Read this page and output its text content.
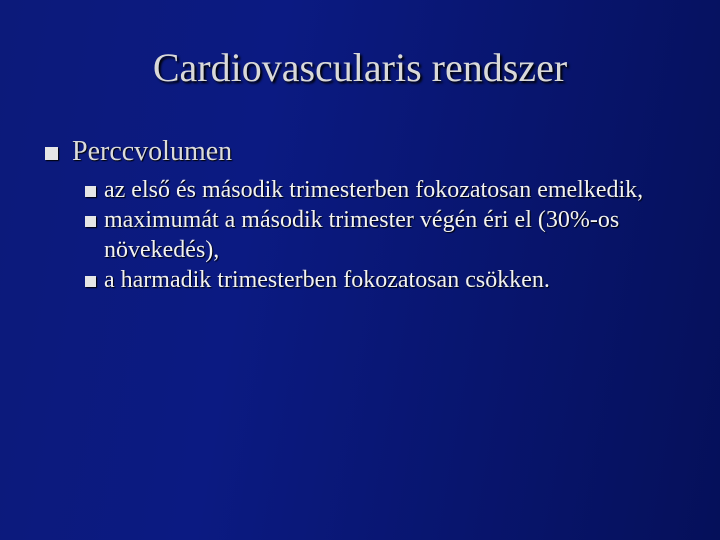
Cardiovascularis rendszer
Percсvolumen
az első és második trimesterben fokozatosan emelkedik,
maximumát a második trimester végén éri el (30%-os növekedés),
a harmadik trimesterben fokozatosan csökken.
